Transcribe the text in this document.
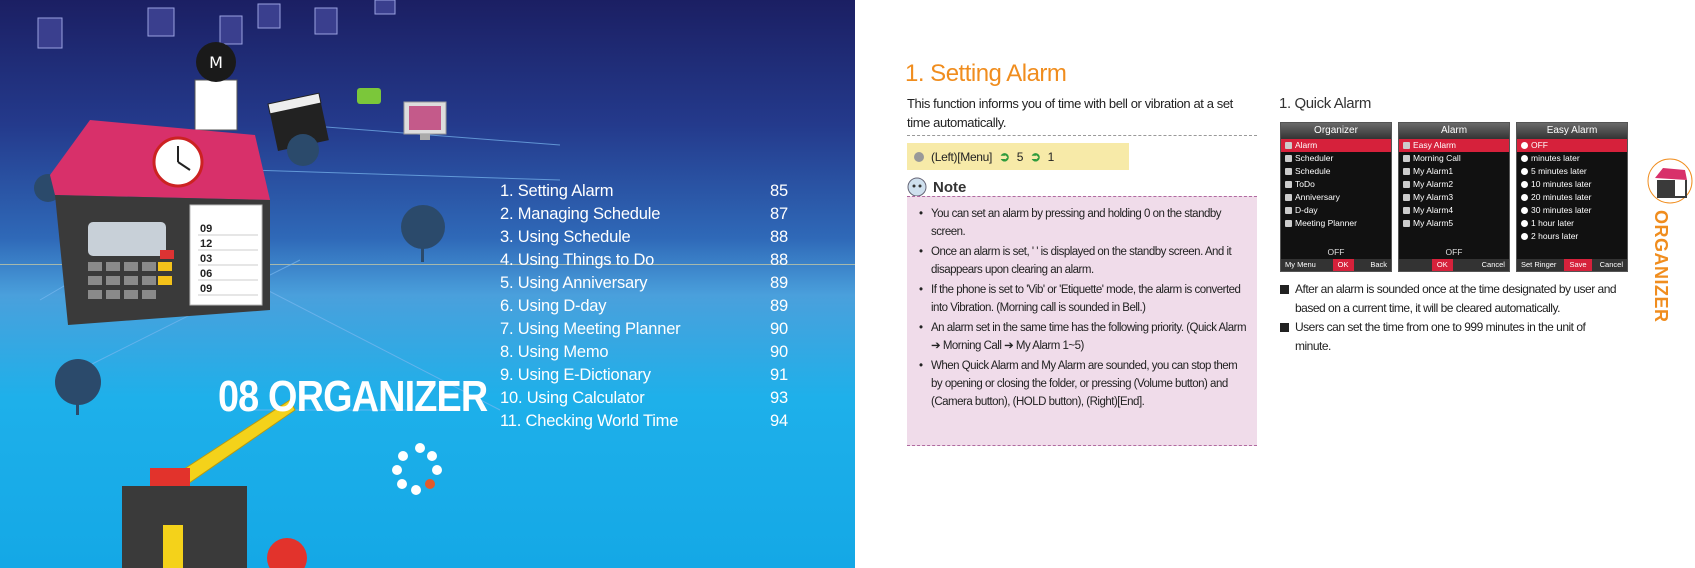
M
09
12
03
06
09
08 ORGANIZER
1. Setting Alarm	85
2. Managing Schedule	87
3. Using Schedule	88
4. Using Things to Do	88
5. Using Anniversary	89
6. Using D-day	89
7. Using Meeting Planner	90
8. Using Memo	90
9. Using E-Dictionary	91
10. Using Calculator	93
11. Checking World Time	94
1. Setting Alarm
This function informs you of time with bell or vibration at a set time automatically.
(Left)[Menu] ➲ 5 ➲ 1
Note
• You can set an alarm by pressing and holding 0 on the standby screen.
• Once an alarm is set, ' ' is displayed on the standby screen. And it disappears upon clearing an alarm.
• If the phone is set to 'Vib' or 'Etiquette' mode, the alarm is converted into Vibration. (Morning call is sounded in Bell.)
• An alarm set in the same time has the following priority. (Quick Alarm ➔ Morning Call ➔ My Alarm 1~5)
• When Quick Alarm and My Alarm are sounded, you can stop them by opening or closing the folder, or pressing (Volume button) and (Camera button), (HOLD button), (Right)[End].
1. Quick Alarm
Organizer
Alarm
Scheduler
Schedule
ToDo
Anniversary
D-day
Meeting Planner
OFF
My Menu	OK	Back
Alarm
Easy Alarm
Morning Call
My Alarm1
My Alarm2
My Alarm3
My Alarm4
My Alarm5
OFF
OK	Cancel
Easy Alarm
OFF
minutes later
5 minutes later
10 minutes later
20 minutes later
30 minutes later
1 hour later
2 hours later
Set Ringer	Save	Cancel
After an alarm is sounded once at the time designated by user and based on a current time, it will be cleared automatically.
Users can set the time from one to 999 minutes in the unit of minute.
ORGANIZER
